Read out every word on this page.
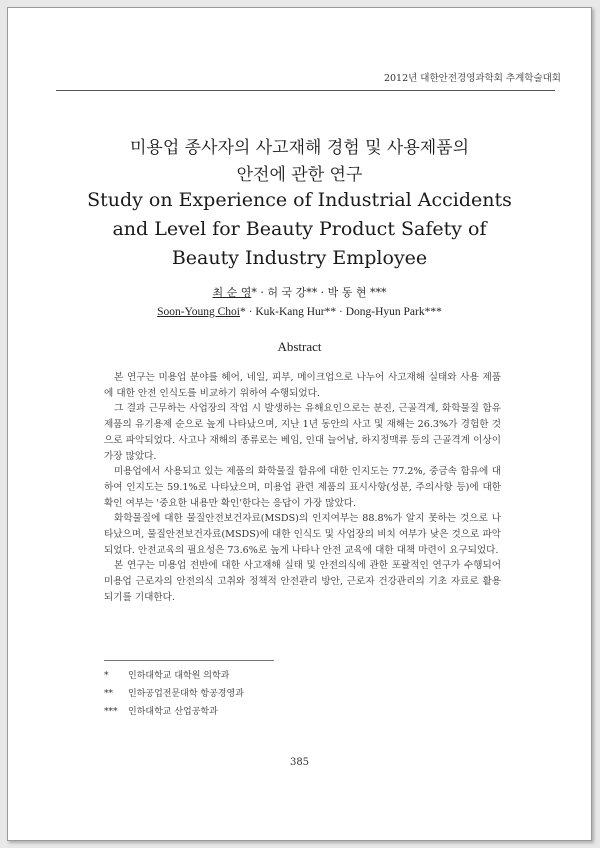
2012년 대한안전경영과학회 추계학술대회
미용업 종사자의 사고재해 경험 및 사용제품의
안전에 관한 연구
Study on Experience of Industrial Accidents
and Level for Beauty Product Safety of
Beauty Industry Employee
최 순 영* · 허 국 강** · 박 동 현 ***
Soon-Young Choi* · Kuk-Kang Hur** · Dong-Hyun Park***
Abstract

본 연구는 미용업 분야를 헤어, 네일, 피부, 메이크업으로 나누어 사고재해 실태와 사용 제품에 대한 안전 인식도를 비교하기 위하여 수행되었다.

그 결과 근무하는 사업장의 작업 시 발생하는 유해요인으로는 분진, 근골격계, 화학물질 함유 제품의 유기용제 순으로 높게 나타났으며, 지난 1년 동안의 사고 및 재해는 26.3%가 경험한 것으로 파악되었다. 사고나 재해의 종류로는 베임, 인대 늘어남, 하지정맥류 등의 근골격계 이상이 가장 많았다.

미용업에서 사용되고 있는 제품의 화학물질 함유에 대한 인지도는 77.2%, 중금속 함유에 대하여 인지도는 59.1%로 나타났으며, 미용업 관련 제품의 표시사항(성분, 주의사항 등)에 대한 확인 여부는 '중요한 내용만 확인'한다는 응답이 가장 많았다.

화학물질에 대한 물질안전보건자료(MSDS)의 인지여부는 88.8%가 알지 못하는 것으로 나타났으며, 물질안전보건자료(MSDS)에 대한 인식도 및 사업장의 비치 여부가 낮은 것으로 파악되었다. 안전교육의 필요성은 73.6%로 높게 나타나 안전 교육에 대한 대책 마련이 요구되었다.

본 연구는 미용업 전반에 대한 사고재해 실태 및 안전의식에 관한 포괄적인 연구가 수행되어 미용업 근로자의 안전의식 고취와 정책적 안전관리 방안, 근로자 건강관리의 기초 자료로 활용되기를 기대한다.

* 인하대학교 대학원 의학과
** 인하공업전문대학 항공경영과
*** 인하대학교 산업공학과
385
